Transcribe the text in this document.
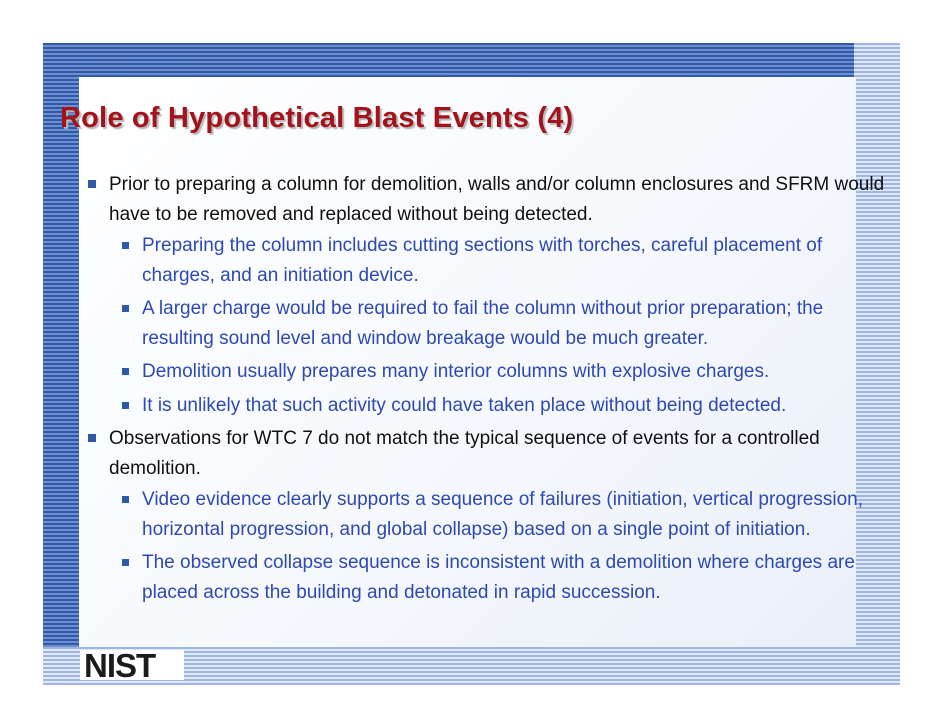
Role of Hypothetical Blast Events (4)
Prior to preparing a column for demolition, walls and/or column enclosures and SFRM would have to be removed and replaced without being detected.
Preparing the column includes cutting sections with torches, careful placement of charges, and an initiation device.
A larger charge would be required to fail the column without prior preparation; the resulting sound level and window breakage would be much greater.
Demolition usually prepares many interior columns with explosive charges.
It is unlikely that such activity could have taken place without being detected.
Observations for WTC 7 do not match the typical sequence of events for a controlled demolition.
Video evidence clearly supports a sequence of failures (initiation, vertical progression, horizontal progression, and global collapse) based on a single point of initiation.
The observed collapse sequence is inconsistent with a demolition where charges are placed across the building and detonated in rapid succession.
NIST
